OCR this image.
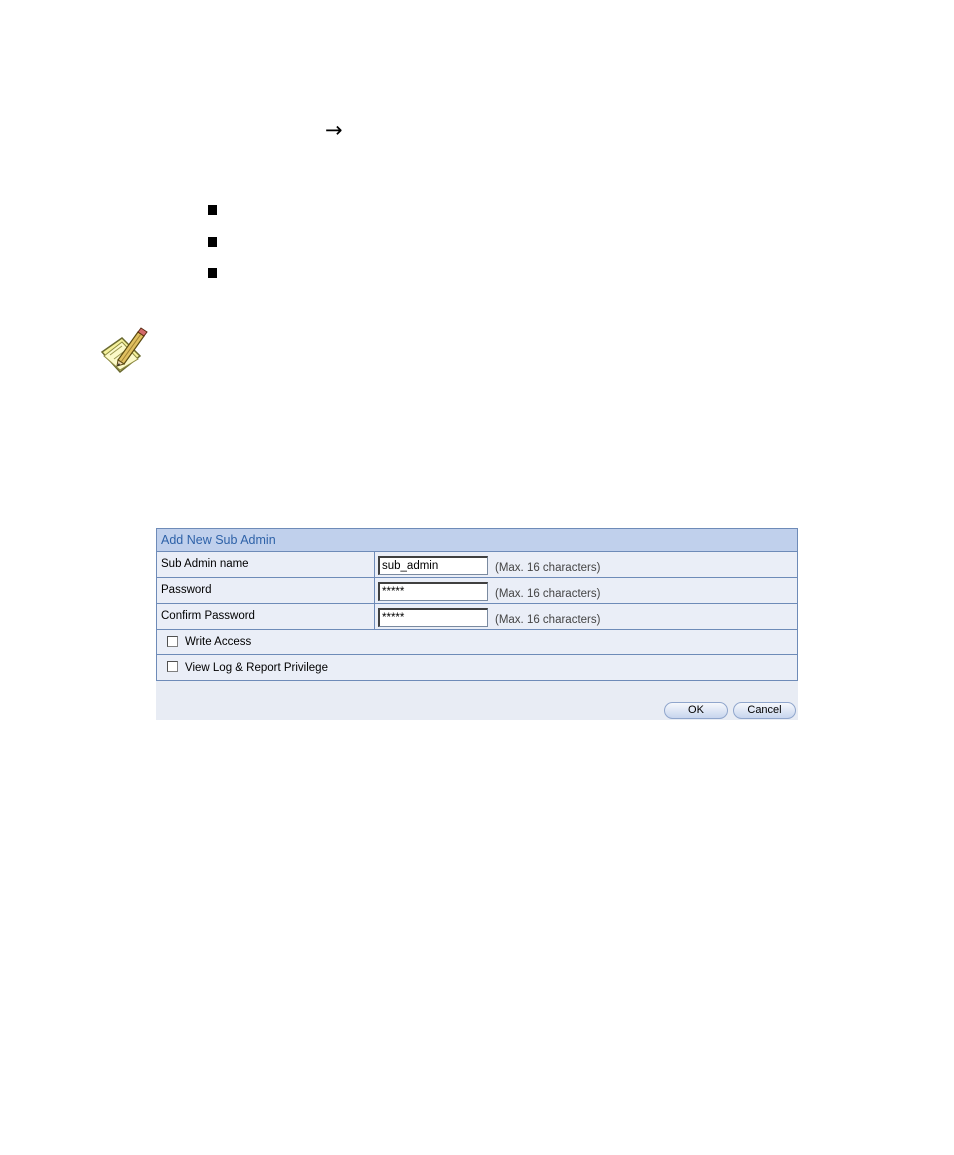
→
Add New Sub Admin
Sub Admin name	sub_admin	(Max. 16 characters)
Password	*****	(Max. 16 characters)
Confirm Password	*****	(Max. 16 characters)
Write Access
View Log & Report Privilege
OK	Cancel
